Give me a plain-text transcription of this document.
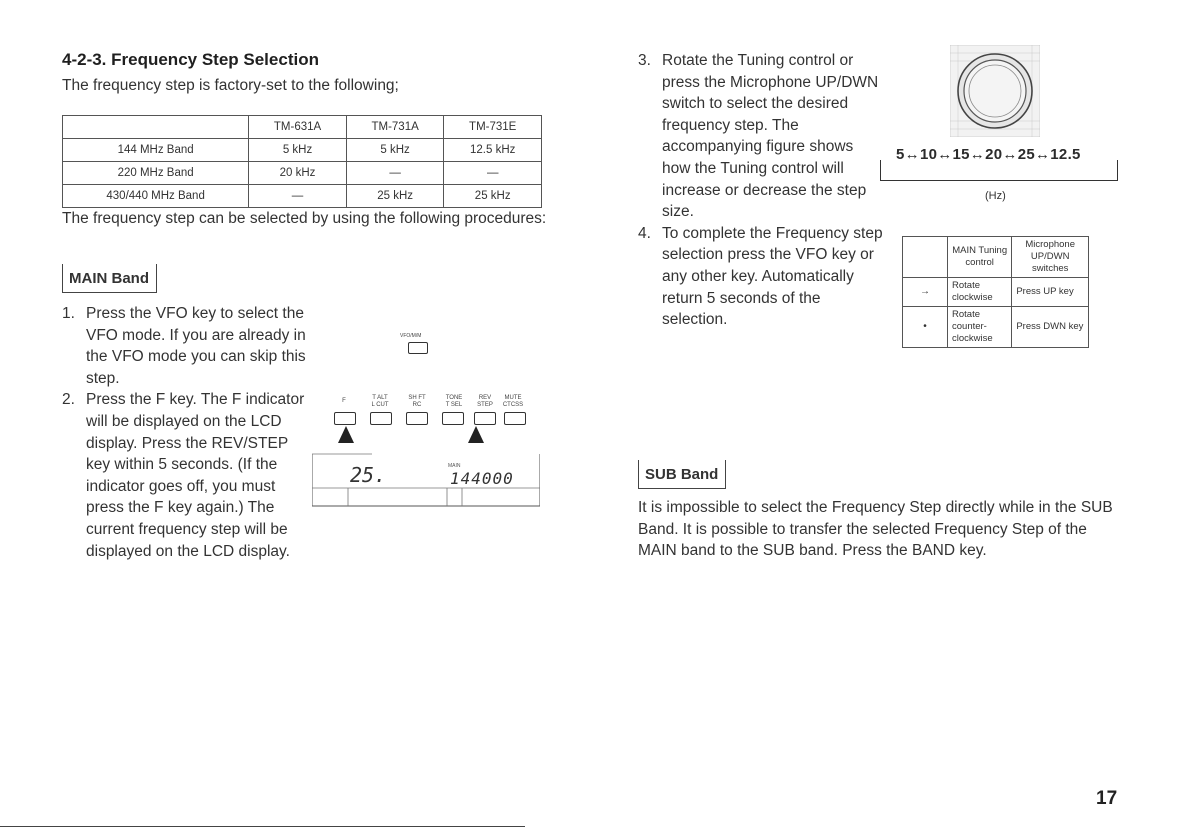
4-2-3. Frequency Step Selection
The frequency step is factory-set to the following;
	TM-631A	TM-731A	TM-731E
144 MHz Band	5 kHz	5 kHz	12.5 kHz
220 MHz Band	20 kHz	—	—
430/440 MHz Band	—	25 kHz	25 kHz
The frequency step can be selected by using the following procedures:
MAIN Band
1. Press the VFO key to select the VFO mode. If you are already in the VFO mode you can skip this step.
2. Press the F key. The F indicator will be displayed on the LCD display. Press the REV/STEP key within 5 seconds. (If the indicator goes off, you must press the F key again.) The current frequency step will be displayed on the LCD display.
VFO/M/M
F	T ALT
L CUT
SH FT
RC
TONE
T SEL
REV
STEP
MUTE
CTCSS
25.	144000
MAIN
3. Rotate the Tuning control or press the Microphone UP/DWN switch to select the desired frequency step. The accompanying figure shows how the Tuning control will increase or decrease the step size.
4. To complete the Frequency step selection press the VFO key or any other key. Automatically return 5 seconds of the selection.
5↔10↔15↔20↔25↔12.5
(Hz)
	MAIN Tuning control	Microphone UP/DWN switches
→	Rotate clockwise	Press UP key
•	Rotate counter-clockwise	Press DWN key
SUB Band
It is impossible to select the Frequency Step directly while in the SUB Band. It is possible to transfer the selected Frequency Step of the MAIN band to the SUB band. Press the BAND key.
17
